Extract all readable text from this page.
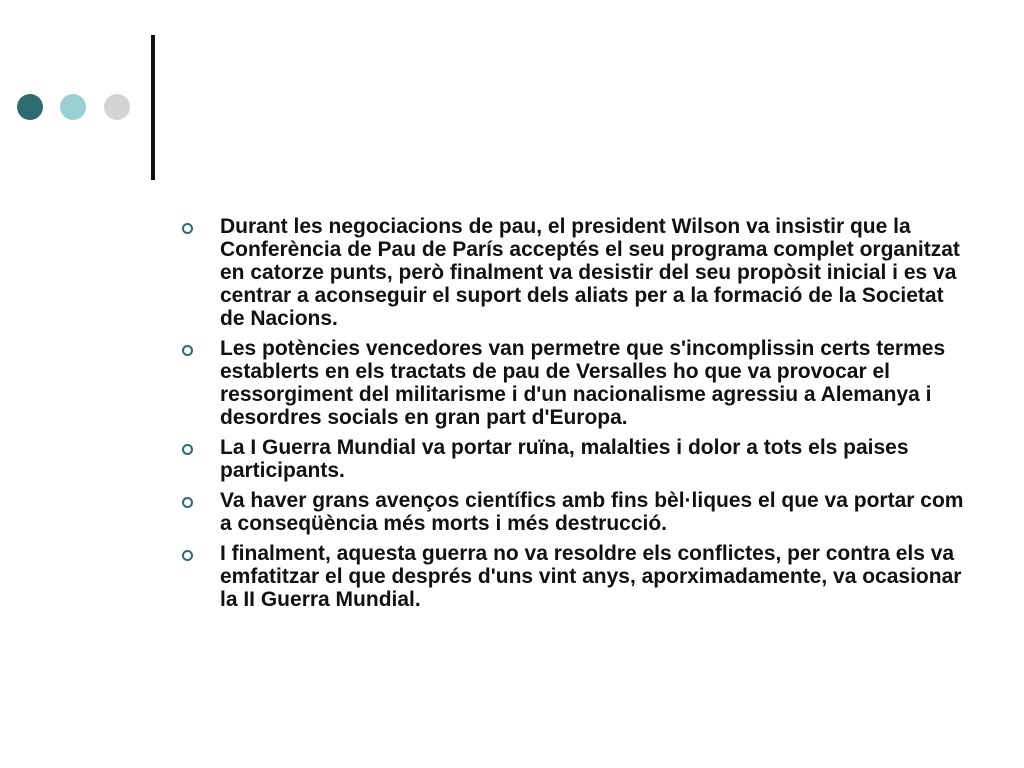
Durant les negociacions de pau, el president Wilson va insistir que la Conferència de Pau de París acceptés el seu programa complet organitzat en catorze punts, però finalment va desistir del seu propòsit inicial i es va centrar a aconseguir el suport dels aliats per a la formació de la Societat de Nacions.
Les potències vencedores van permetre que s'incomplissin certs termes establerts en els tractats de pau de Versalles ho que va provocar el ressorgiment del militarisme i d'un nacionalisme agressiu a Alemanya i desordres socials en gran part d'Europa.
La I Guerra Mundial va portar ruïna, malalties i dolor a tots els paises participants.
Va haver grans avenços científics amb fins bèl·liques el que va portar com a conseqüència més morts i més destrucció.
I finalment, aquesta guerra no va resoldre els conflictes, per contra els va emfatitzar el que després d'uns vint anys, aporximadamente, va ocasionar la II Guerra Mundial.
